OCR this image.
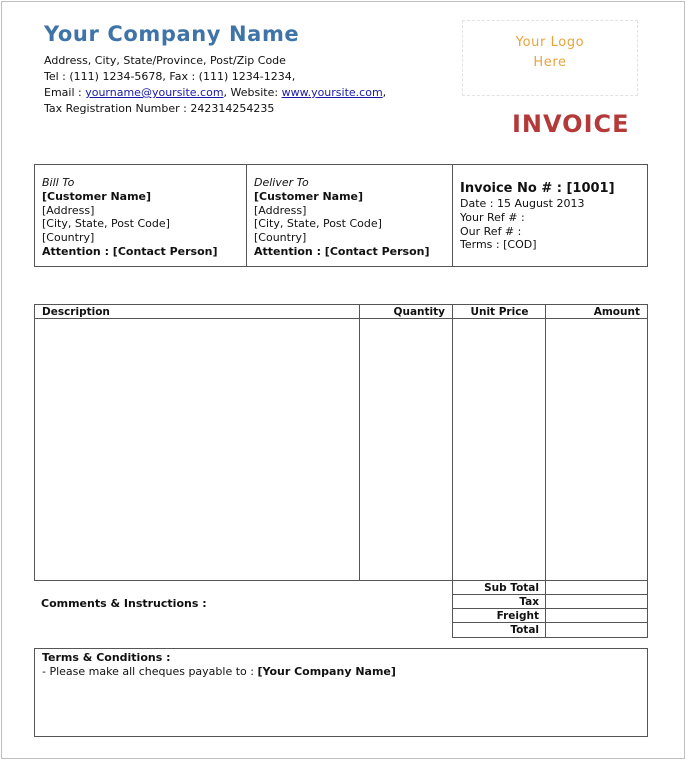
Your Company Name
Address, City, State/Province, Post/Zip Code
Tel : (111) 1234-5678, Fax : (111) 1234-1234,
Email : yourname@yoursite.com, Website: www.yoursite.com,
Tax Registration Number : 242314254235
Your Logo
Here
INVOICE
Bill To
[Customer Name]
[Address]
[City, State, Post Code]
[Country]
Attention : [Contact Person]
Deliver To
[Customer Name]
[Address]
[City, State, Post Code]
[Country]
Attention : [Contact Person]
Invoice No # : [1001]
Date : 15 August 2013
Your Ref # :
Our Ref # :
Terms : [COD]
Description	Quantity	Unit Price	Amount
Sub Total
Tax
Freight
Total
Comments & Instructions :
Terms & Conditions :
- Please make all cheques payable to : [Your Company Name]
